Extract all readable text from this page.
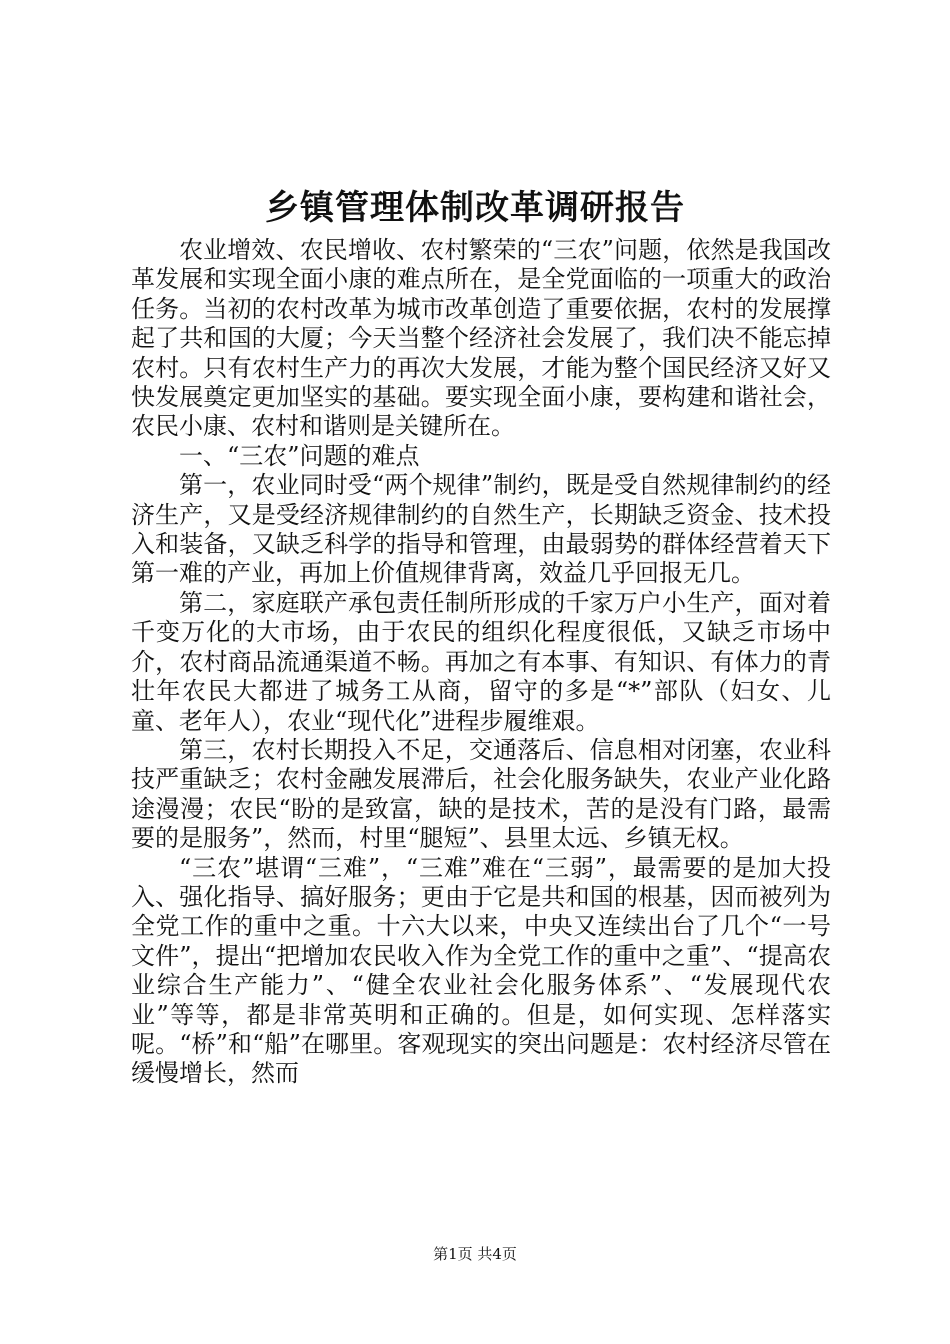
乡镇管理体制改革调研报告

农业增效、农民增收、农村繁荣的“三农”问题，依然是我国改革发展和实现全面小康的难点所在，是全党面临的一项重大的政治任务。当初的农村改革为城市改革创造了重要依据，农村的发展撑起了共和国的大厦；今天当整个经济社会发展了，我们决不能忘掉农村。只有农村生产力的再次大发展，才能为整个国民经济又好又快发展奠定更加坚实的基础。要实现全面小康，要构建和谐社会，农民小康、农村和谐则是关键所在。

一、“三农”问题的难点

第一，农业同时受“两个规律”制约，既是受自然规律制约的经济生产，又是受经济规律制约的自然生产，长期缺乏资金、技术投入和装备，又缺乏科学的指导和管理，由最弱势的群体经营着天下第一难的产业，再加上价值规律背离，效益几乎回报无几。

第二，家庭联产承包责任制所形成的千家万户小生产，面对着千变万化的大市场，由于农民的组织化程度很低，又缺乏市场中介，农村商品流通渠道不畅。再加之有本事、有知识、有体力的青壮年农民大都进了城务工从商，留守的多是“*”部队（妇女、儿童、老年人），农业“现代化”进程步履维艰。

第三，农村长期投入不足，交通落后、信息相对闭塞，农业科技严重缺乏；农村金融发展滞后，社会化服务缺失，农业产业化路途漫漫；农民“盼的是致富，缺的是技术，苦的是没有门路，最需要的是服务”，然而，村里“腿短”、县里太远、乡镇无权。

“三农”堪谓“三难”，“三难”难在“三弱”，最需要的是加大投入、强化指导、搞好服务；更由于它是共和国的根基，因而被列为全党工作的重中之重。十六大以来，中央又连续出台了几个“一号文件”，提出“把增加农民收入作为全党工作的重中之重”、“提高农业综合生产能力”、“健全农业社会化服务体系”、“发展现代农业”等等，都是非常英明和正确的。但是，如何实现、怎样落实呢。“桥”和“船”在哪里。客观现实的突出问题是：农村经济尽管在缓慢增长，然而

第1页 共4页
